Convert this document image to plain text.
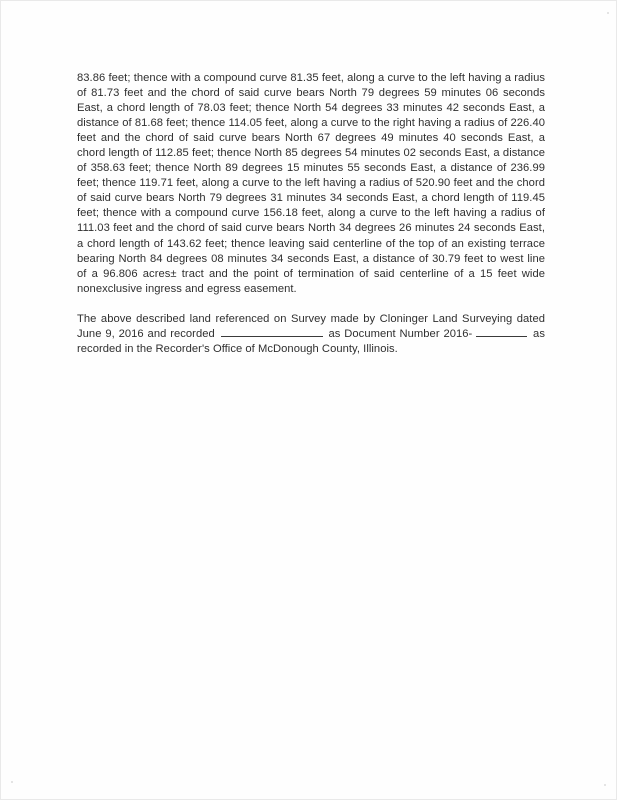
83.86 feet; thence with a compound curve 81.35 feet, along a curve to the left having a radius of 81.73 feet and the chord of said curve bears North 79 degrees 59 minutes 06 seconds East, a chord length of 78.03 feet; thence North 54 degrees 33 minutes 42 seconds East, a distance of 81.68 feet; thence 114.05 feet, along a curve to the right having a radius of 226.40 feet and the chord of said curve bears North 67 degrees 49 minutes 40 seconds East, a chord length of 112.85 feet; thence North 85 degrees 54 minutes 02 seconds East, a distance of 358.63 feet; thence North 89 degrees 15 minutes 55 seconds East, a distance of 236.99 feet; thence 119.71 feet, along a curve to the left having a radius of 520.90 feet and the chord of said curve bears North 79 degrees 31 minutes 34 seconds East, a chord length of 119.45 feet; thence with a compound curve 156.18 feet, along a curve to the left having a radius of 111.03 feet and the chord of said curve bears North 34 degrees 26 minutes 24 seconds East, a chord length of 143.62 feet; thence leaving said centerline of the top of an existing terrace bearing North 84 degrees 08 minutes 34 seconds East, a distance of 30.79 feet to west line of a 96.806 acres± tract and the point of termination of said centerline of a 15 feet wide nonexclusive ingress and egress easement.

The above described land referenced on Survey made by Cloninger Land Surveying dated June 9, 2016 and recorded	as Document Number 2016-	as recorded in the Recorder's Office of McDonough County, Illinois.
